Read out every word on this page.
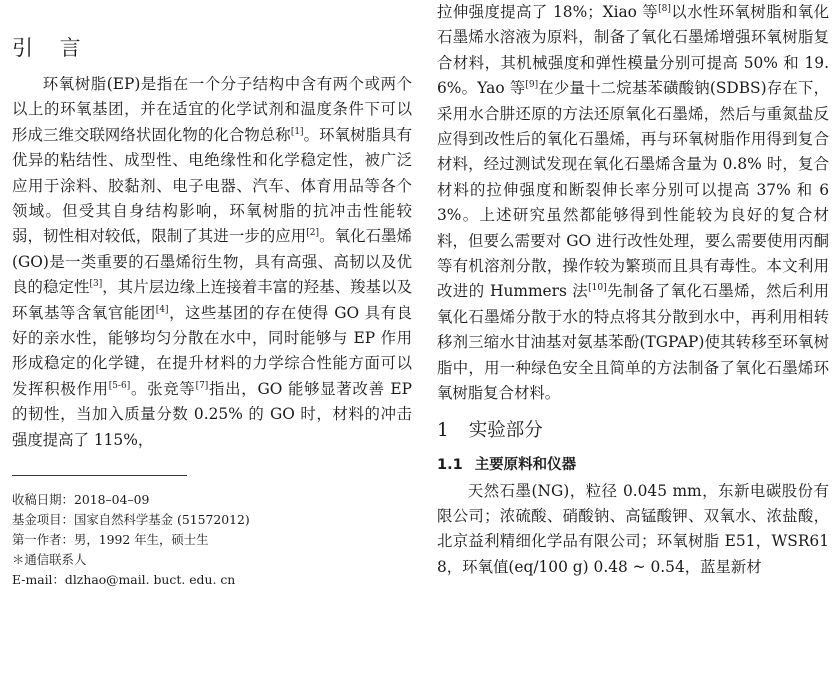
引 言

环氧树脂(EP)是指在一个分子结构中含有两个或两个以上的环氧基团，并在适宜的化学试剂和温度条件下可以形成三维交联网络状固化物的化合物总称[1]。环氧树脂具有优异的粘结性、成型性、电绝缘性和化学稳定性，被广泛应用于涂料、胶黏剂、电子电器、汽车、体育用品等各个领域。但受其自身结构影响，环氧树脂的抗冲击性能较弱，韧性相对较低，限制了其进一步的应用[2]。氧化石墨烯(GO)是一类重要的石墨烯衍生物，具有高强、高韧以及优良的稳定性[3]，其片层边缘上连接着丰富的羟基、羧基以及环氧基等含氧官能团[4]，这些基团的存在使得 GO 具有良好的亲水性，能够均匀分散在水中，同时能够与 EP 作用形成稳定的化学键，在提升材料的力学综合性能方面可以发挥积极作用[5-6]。张竞等[7]指出，GO 能够显著改善 EP 的韧性，当加入质量分数 0.25% 的 GO 时，材料的冲击强度提高了 115%，

收稿日期：2018–04–09

基金项目：国家自然科学基金 (51572012)

第一作者：男，1992 年生，硕士生

＊通信联系人

E-mail：dlzhao@mail. buct. edu. cn

拉伸强度提高了 18%；Xiao 等[8]以水性环氧树脂和氧化石墨烯水溶液为原料，制备了氧化石墨烯增强环氧树脂复合材料，其机械强度和弹性模量分别可提高 50% 和 19.6%。Yao 等[9]在少量十二烷基苯磺酸钠(SDBS)存在下，采用水合肼还原的方法还原氧化石墨烯，然后与重氮盐反应得到改性后的氧化石墨烯，再与环氧树脂作用得到复合材料，经过测试发现在氧化石墨烯含量为 0.8% 时，复合材料的拉伸强度和断裂伸长率分别可以提高 37% 和 63%。上述研究虽然都能够得到性能较为良好的复合材料，但要么需要对 GO 进行改性处理，要么需要使用丙酮等有机溶剂分散，操作较为繁琐而且具有毒性。本文利用改进的 Hummers 法[10]先制备了氧化石墨烯，然后利用氧化石墨烯分散于水的特点将其分散到水中，再利用相转移剂三缩水甘油基对氨基苯酚(TGPAP)使其转移至环氧树脂中，用一种绿色安全且简单的方法制备了氧化石墨烯环氧树脂复合材料。

1 实验部分
1.1 主要原料和仪器

天然石墨(NG)，粒径 0.045 mm，东新电碳股份有限公司；浓硫酸、硝酸钠、高锰酸钾、双氧水、浓盐酸，北京益利精细化学品有限公司；环氧树脂 E51，WSR618，环氧值(eq/100 g) 0.48 ~ 0.54，蓝星新材
